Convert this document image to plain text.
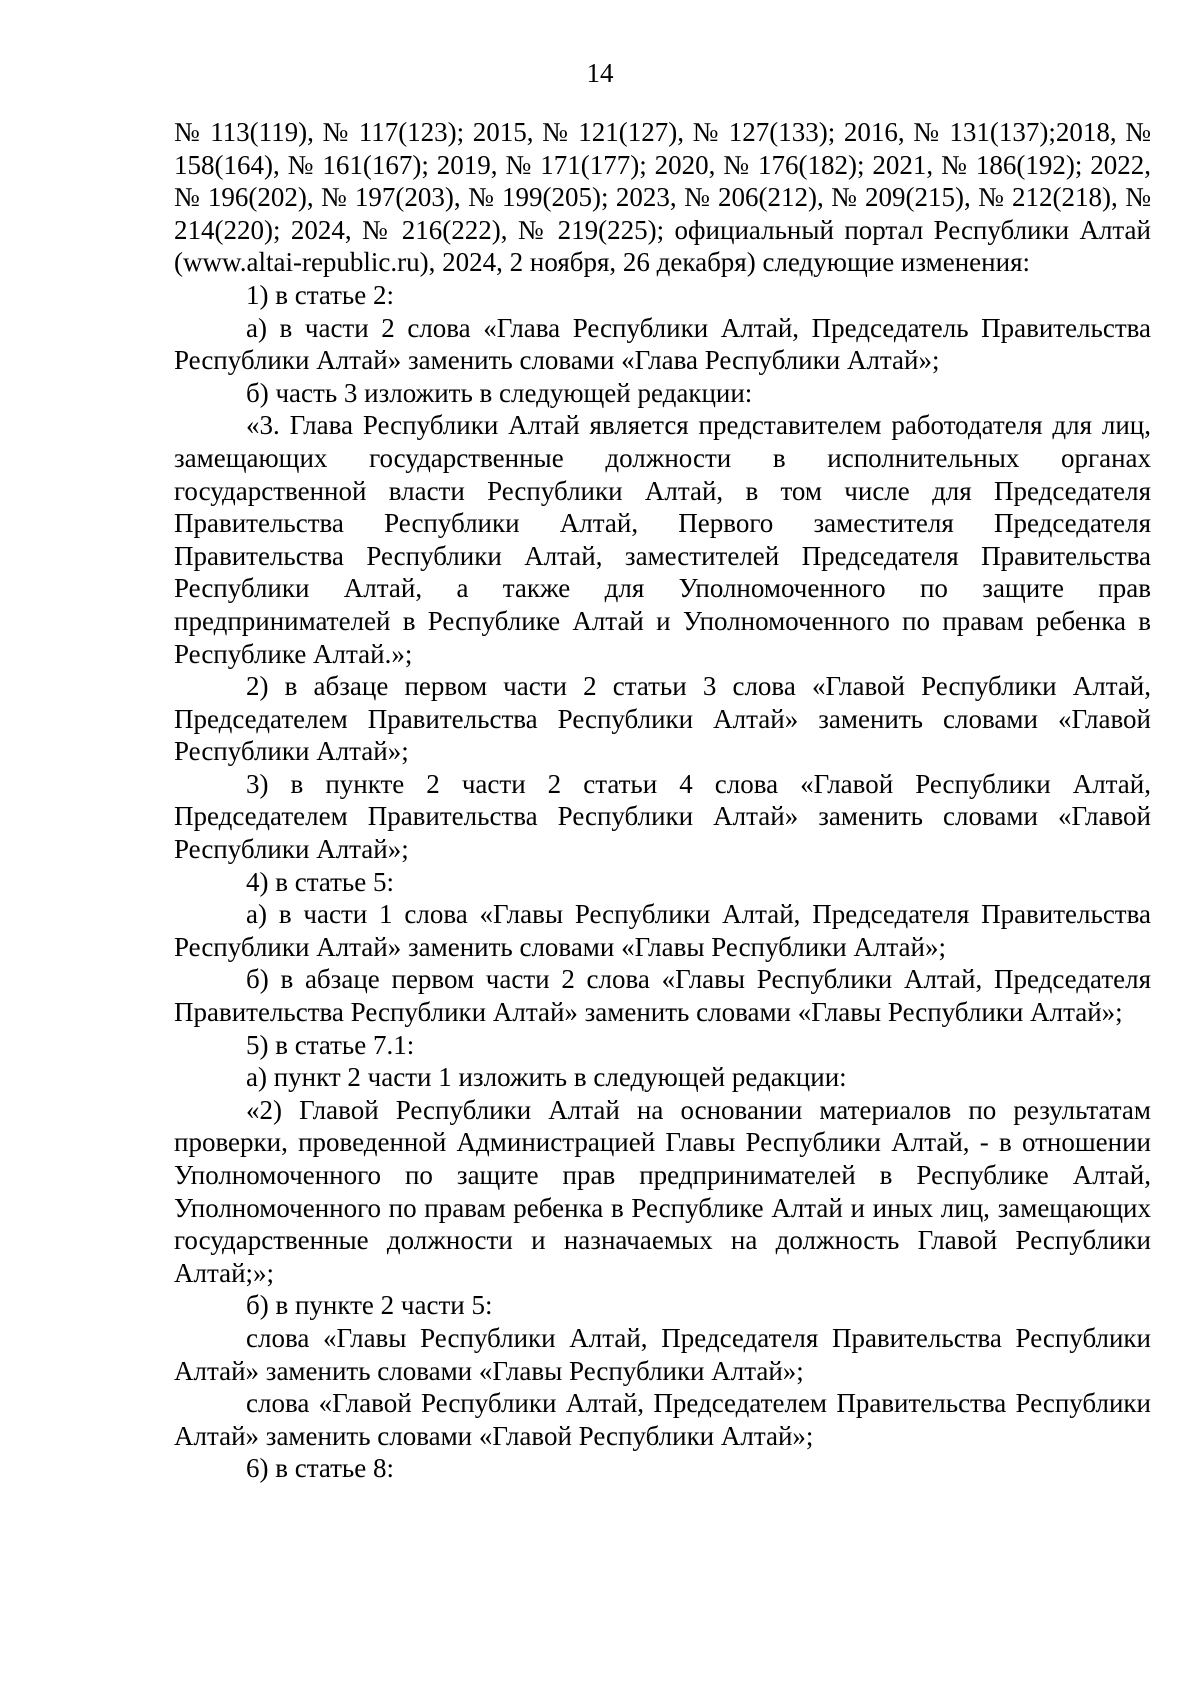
14

№ 113(119), № 117(123); 2015, № 121(127), № 127(133); 2016, № 131(137);2018, № 158(164), № 161(167); 2019, № 171(177); 2020, № 176(182); 2021, № 186(192); 2022, № 196(202), № 197(203), № 199(205); 2023, № 206(212), № 209(215), № 212(218), № 214(220); 2024, № 216(222), № 219(225); официальный портал Республики Алтай (www.altai-republic.ru), 2024, 2 ноября, 26 декабря) следующие изменения:

1) в статье 2:

а) в части 2 слова «Глава Республики Алтай, Председатель Правительства Республики Алтай» заменить словами «Глава Республики Алтай»;

б) часть 3 изложить в следующей редакции:

«3. Глава Республики Алтай является представителем работодателя для лиц, замещающих государственные должности в исполнительных органах государственной власти Республики Алтай, в том числе для Председателя Правительства Республики Алтай, Первого заместителя Председателя Правительства Республики Алтай, заместителей Председателя Правительства Республики Алтай, а также для Уполномоченного по защите прав предпринимателей в Республике Алтай и Уполномоченного по правам ребенка в Республике Алтай.»;

2) в абзаце первом части 2 статьи 3 слова «Главой Республики Алтай, Председателем Правительства Республики Алтай» заменить словами «Главой Республики Алтай»;

3) в пункте 2 части 2 статьи 4 слова «Главой Республики Алтай, Председателем Правительства Республики Алтай» заменить словами «Главой Республики Алтай»;

4) в статье 5:

а) в части 1 слова «Главы Республики Алтай, Председателя Правительства Республики Алтай» заменить словами «Главы Республики Алтай»;

б) в абзаце первом части 2 слова «Главы Республики Алтай, Председателя Правительства Республики Алтай» заменить словами «Главы Республики Алтай»;

5) в статье 7.1:

а) пункт 2 части 1 изложить в следующей редакции:

«2) Главой Республики Алтай на основании материалов по результатам проверки, проведенной Администрацией Главы Республики Алтай, - в отношении Уполномоченного по защите прав предпринимателей в Республике Алтай, Уполномоченного по правам ребенка в Республике Алтай и иных лиц, замещающих государственные должности и назначаемых на должность Главой Республики Алтай;»;

б) в пункте 2 части 5:

слова «Главы Республики Алтай, Председателя Правительства Республики Алтай» заменить словами «Главы Республики Алтай»;

слова «Главой Республики Алтай, Председателем Правительства Республики Алтай» заменить словами «Главой Республики Алтай»;

6) в статье 8:
